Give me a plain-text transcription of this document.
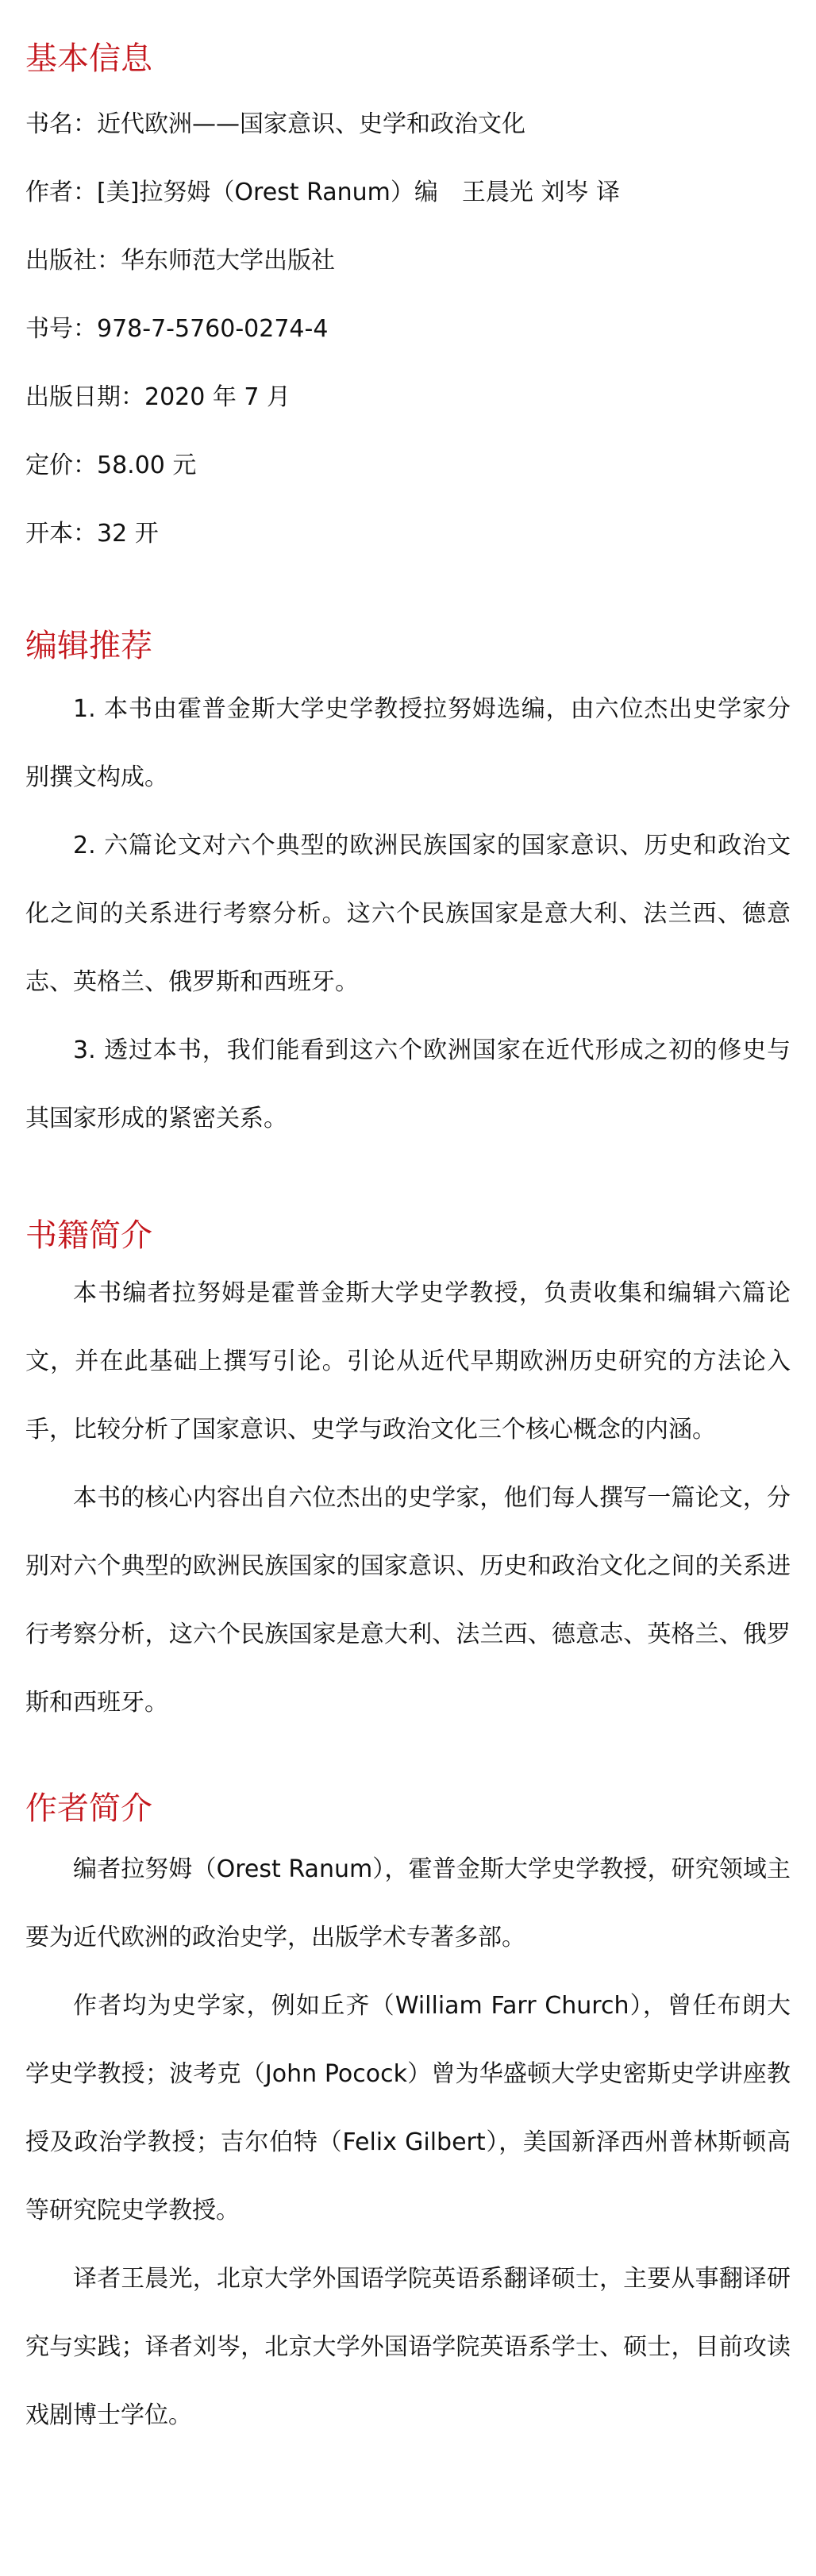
基本信息

书名：近代欧洲——国家意识、史学和政治文化

作者：[美]拉努姆（Orest Ranum）编　王晨光 刘岑 译

出版社：华东师范大学出版社

书号：978-7-5760-0274-4

出版日期：2020 年 7 月

定价：58.00 元

开本：32 开

编辑推荐

1. 本书由霍普金斯大学史学教授拉努姆选编，由六位杰出史学家分别撰文构成。

2. 六篇论文对六个典型的欧洲民族国家的国家意识、历史和政治文化之间的关系进行考察分析。这六个民族国家是意大利、法兰西、德意志、英格兰、俄罗斯和西班牙。

3. 透过本书，我们能看到这六个欧洲国家在近代形成之初的修史与其国家形成的紧密关系。

书籍简介

本书编者拉努姆是霍普金斯大学史学教授，负责收集和编辑六篇论文，并在此基础上撰写引论。引论从近代早期欧洲历史研究的方法论入手，比较分析了国家意识、史学与政治文化三个核心概念的内涵。

本书的核心内容出自六位杰出的史学家，他们每人撰写一篇论文，分别对六个典型的欧洲民族国家的国家意识、历史和政治文化之间的关系进行考察分析，这六个民族国家是意大利、法兰西、德意志、英格兰、俄罗斯和西班牙。

作者简介

编者拉努姆（Orest Ranum），霍普金斯大学史学教授，研究领域主要为近代欧洲的政治史学，出版学术专著多部。

作者均为史学家，例如丘齐（William Farr Church），曾任布朗大学史学教授；波考克（John Pocock）曾为华盛顿大学史密斯史学讲座教授及政治学教授；吉尔伯特（Felix Gilbert），美国新泽西州普林斯顿高等研究院史学教授。

译者王晨光，北京大学外国语学院英语系翻译硕士，主要从事翻译研究与实践；译者刘岑，北京大学外国语学院英语系学士、硕士，目前攻读戏剧博士学位。
